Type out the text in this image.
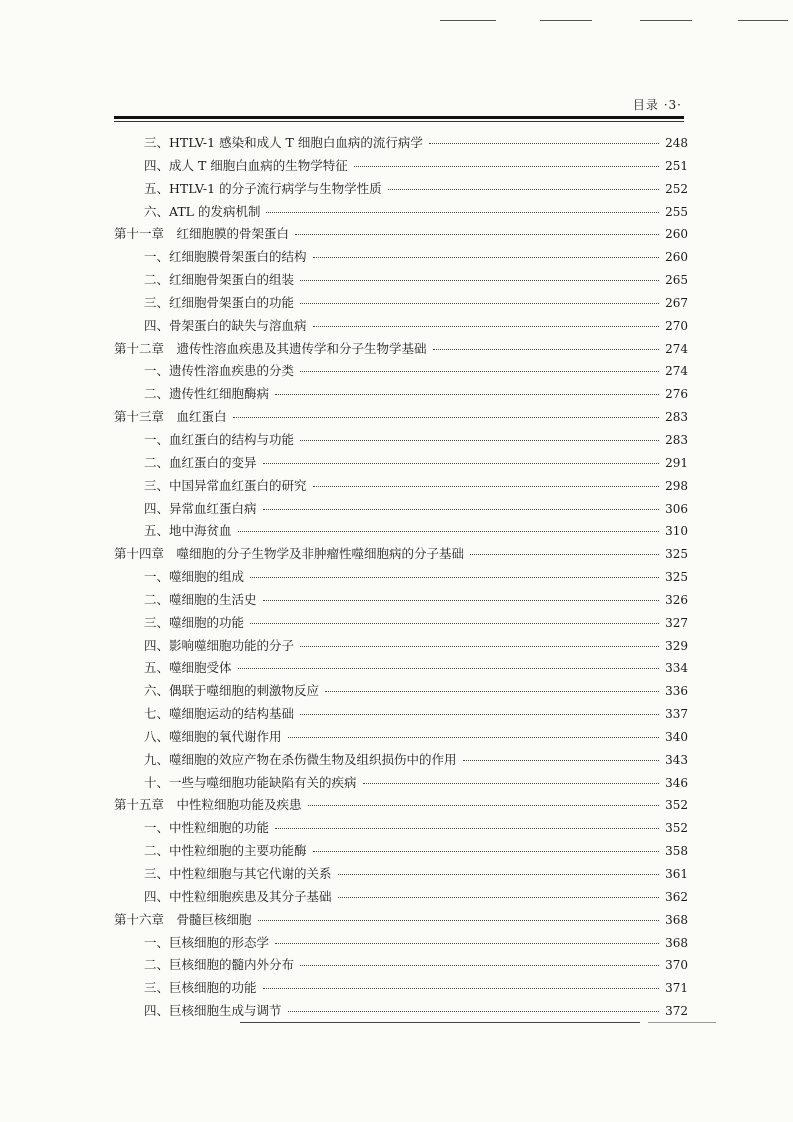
目录 ·3·
三、HTLV-1 感染和成人 T 细胞白血病的流行病学	248
四、成人 T 细胞白血病的生物学特征	251
五、HTLV-1 的分子流行病学与生物学性质	252
六、ATL 的发病机制	255
第十一章　红细胞膜的骨架蛋白	260
一、红细胞膜骨架蛋白的结构	260
二、红细胞骨架蛋白的组装	265
三、红细胞骨架蛋白的功能	267
四、骨架蛋白的缺失与溶血病	270
第十二章　遗传性溶血疾患及其遗传学和分子生物学基础	274
一、遗传性溶血疾患的分类	274
二、遗传性红细胞酶病	276
第十三章　血红蛋白	283
一、血红蛋白的结构与功能	283
二、血红蛋白的变异	291
三、中国异常血红蛋白的研究	298
四、异常血红蛋白病	306
五、地中海贫血	310
第十四章　噬细胞的分子生物学及非肿瘤性噬细胞病的分子基础	325
一、噬细胞的组成	325
二、噬细胞的生活史	326
三、噬细胞的功能	327
四、影响噬细胞功能的分子	329
五、噬细胞受体	334
六、偶联于噬细胞的刺激物反应	336
七、噬细胞运动的结构基础	337
八、噬细胞的氧代谢作用	340
九、噬细胞的效应产物在杀伤微生物及组织损伤中的作用	343
十、一些与噬细胞功能缺陷有关的疾病	346
第十五章　中性粒细胞功能及疾患	352
一、中性粒细胞的功能	352
二、中性粒细胞的主要功能酶	358
三、中性粒细胞与其它代谢的关系	361
四、中性粒细胞疾患及其分子基础	362
第十六章　骨髓巨核细胞	368
一、巨核细胞的形态学	368
二、巨核细胞的髓内外分布	370
三、巨核细胞的功能	371
四、巨核细胞生成与调节	372
